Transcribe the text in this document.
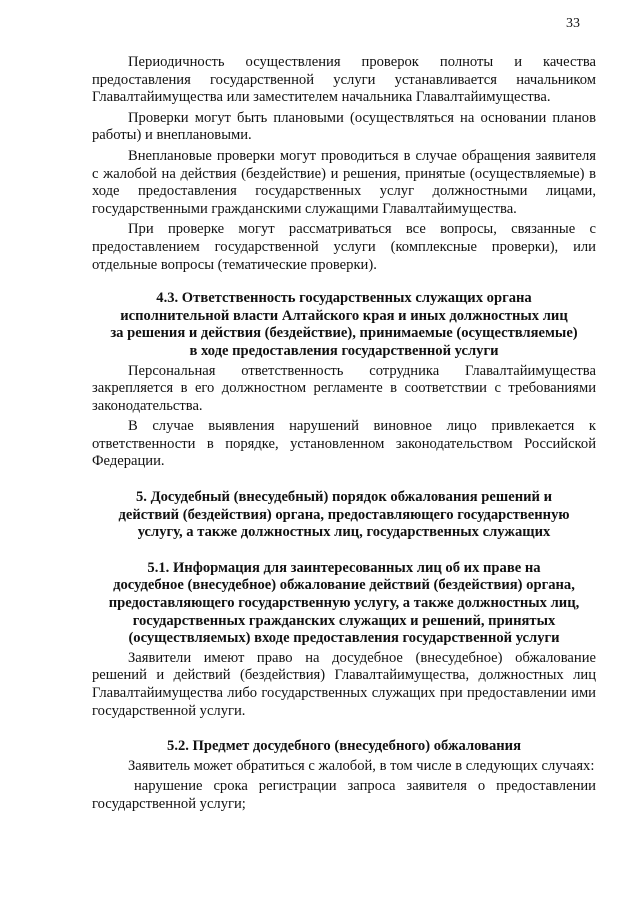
33

Периодичность осуществления проверок полноты и качества предоставления государственной услуги устанавливается начальником Главалтайимущества или заместителем начальника Главалтайимущества.

Проверки могут быть плановыми (осуществляться на основании планов работы) и внеплановыми.

Внеплановые проверки могут проводиться в случае обращения заявителя с жалобой на действия (бездействие) и решения, принятые (осуществляемые) в ходе предоставления государственных услуг должностными лицами, государственными гражданскими служащими Главалтайимущества.

При проверке могут рассматриваться все вопросы, связанные с предоставлением государственной услуги (комплексные проверки), или отдельные вопросы (тематические проверки).

4.3. Ответственность государственных служащих органа
исполнительной власти Алтайского края и иных должностных лиц
за решения и действия (бездействие), принимаемые (осуществляемые)
в ходе предоставления государственной услуги

Персональная ответственность сотрудника Главалтайимущества закрепляется в его должностном регламенте в соответствии с требованиями законодательства.

В случае выявления нарушений виновное лицо привлекается к ответственности в порядке, установленном законодательством Российской Федерации.

5. Досудебный (внесудебный) порядок обжалования решений и
действий (бездействия) органа, предоставляющего государственную
услугу, а также должностных лиц, государственных служащих
5.1. Информация для заинтересованных лиц об их праве на
досудебное (внесудебное) обжалование действий (бездействия) органа,
предоставляющего государственную услугу, а также должностных лиц,
государственных гражданских служащих и решений, принятых
(осуществляемых) входе предоставления государственной услуги

Заявители имеют право на досудебное (внесудебное) обжалование решений и действий (бездействия) Главалтайимущества, должностных лиц Главалтайимущества либо государственных служащих при предоставлении ими государственной услуги.

5.2. Предмет досудебного (внесудебного) обжалования

Заявитель может обратиться с жалобой, в том числе в следующих случаях:

нарушение срока регистрации запроса заявителя о предоставлении государственной услуги;
